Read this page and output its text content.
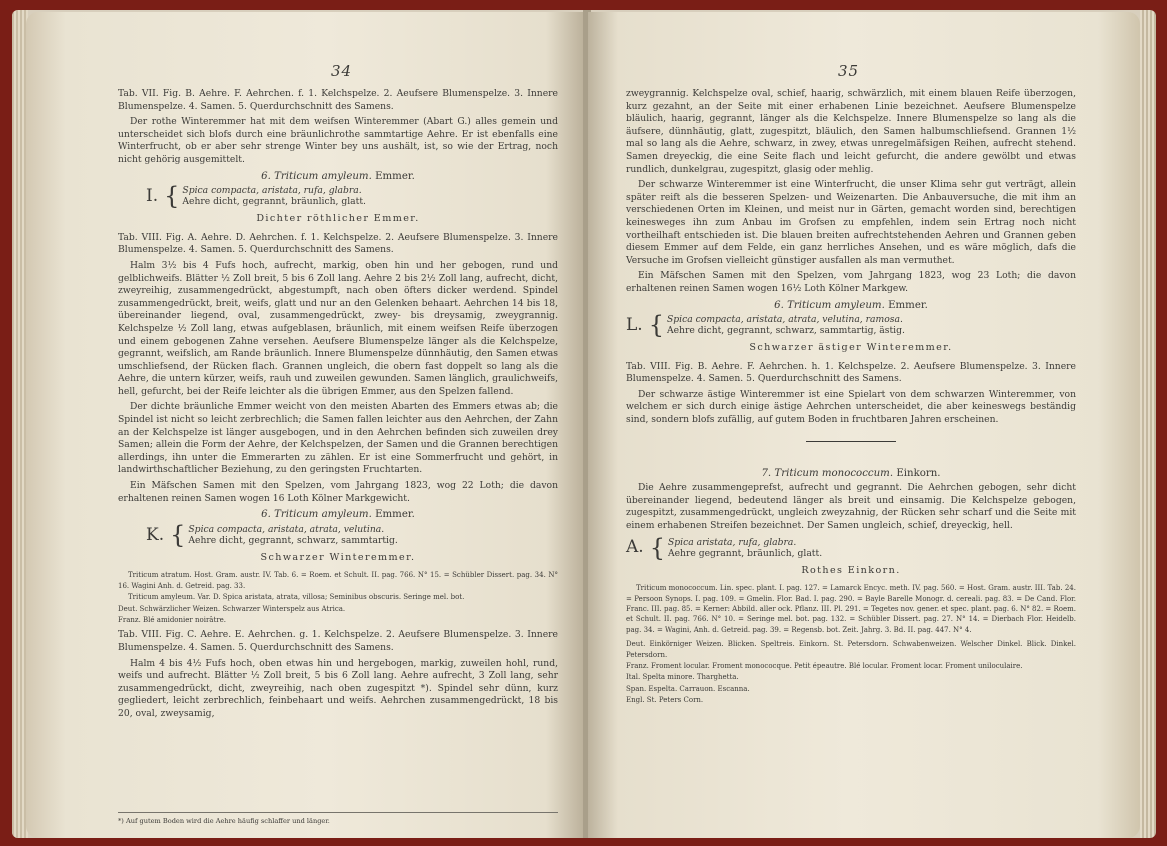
34

Tab. VII. Fig. B. Aehre. F. Aehrchen. f. 1. Kelchspelze. 2. Aeufsere Blumenspelze. 3. Innere Blumenspelze. 4. Samen. 5. Querdurchschnitt des Samens.

Der rothe Winteremmer hat mit dem weifsen Winteremmer (Abart G.) alles gemein und unterscheidet sich blofs durch eine bräunlichrothe sammtartige Aehre. Er ist ebenfalls eine Winterfrucht, ob er aber sehr strenge Winter bey uns aushält, ist, so wie der Ertrag, noch nicht gehörig ausgemittelt.

6. Triticum amyleum. Emmer.

I. { Spica compacta, aristata, rufa, glabra.
Aehre dicht, gegrannt, bräunlich, glatt.

Dichter röthlicher Emmer.

Tab. VIII. Fig. A. Aehre. D. Aehrchen. f. 1. Kelchspelze. 2. Aeufsere Blumenspelze. 3. Innere Blumenspelze. 4. Samen. 5. Querdurchschnitt des Samens.

Halm 3½ bis 4 Fufs hoch, aufrecht, markig, oben hin und her gebogen, rund und gelblichweifs. Blätter ½ Zoll breit, 5 bis 6 Zoll lang. Aehre 2 bis 2½ Zoll lang, aufrecht, dicht, zweyreihig, zusammengedrückt, abgestumpft, nach oben öfters dicker werdend. Spindel zusammengedrückt, breit, weifs, glatt und nur an den Gelenken behaart. Aehrchen 14 bis 18, übereinander liegend, oval, zusammengedrückt, zwey- bis dreysamig, zweygrannig. Kelchspelze ½ Zoll lang, etwas aufgeblasen, bräunlich, mit einem weifsen Reife überzogen und einem gebogenen Zahne versehen. Aeufsere Blumenspelze länger als die Kelchspelze, gegrannt, weifslich, am Rande bräunlich. Innere Blumenspelze dünnhäutig, den Samen etwas umschliefsend, der Rücken flach. Grannen ungleich, die obern fast doppelt so lang als die Aehre, die untern kürzer, weifs, rauh und zuweilen gewunden. Samen länglich, graulichweifs, hell, gefurcht, bei der Reife leichter als die übrigen Emmer, aus den Spelzen fallend.

Der dichte bräunliche Emmer weicht von den meisten Abarten des Emmers etwas ab; die Spindel ist nicht so leicht zerbrechlich; die Samen fallen leichter aus den Aehrchen, der Zahn an der Kelchspelze ist länger ausgebogen, und in den Aehrchen befinden sich zuweilen drey Samen; allein die Form der Aehre, der Kelchspelzen, der Samen und die Grannen berechtigen allerdings, ihn unter die Emmerarten zu zählen. Er ist eine Sommerfrucht und gehört, in landwirthschaftlicher Beziehung, zu den geringsten Fruchtarten.

Ein Mäfschen Samen mit den Spelzen, vom Jahrgang 1823, wog 22 Loth; die davon erhaltenen reinen Samen wogen 16 Loth Kölner Markgewicht.

6. Triticum amyleum. Emmer.

K. { Spica compacta, aristata, atrata, velutina.
Aehre dicht, gegrannt, schwarz, sammtartig.

Schwarzer Winteremmer.

Triticum atratum. Host. Gram. austr. IV. Tab. 6. = Roem. et Schult. II. pag. 766. N° 15. = Schübler Dissert. pag. 34. N° 16. Wagini Anh. d. Getreid. pag. 33.

Triticum amyleum. Var. D. Spica aristata, atrata, villosa; Seminibus obscuris. Seringe mel. bot.

Deut. Schwärzlicher Weizen. Schwarzer Winterspelz aus Atrica.

Franz. Blé amidonier noirâtre.

Tab. VIII. Fig. C. Aehre. E. Aehrchen. g. 1. Kelchspelze. 2. Aeufsere Blumenspelze. 3. Innere Blumenspelze. 4. Samen. 5. Querdurchschnitt des Samens.

Halm 4 bis 4½ Fufs hoch, oben etwas hin und hergebogen, markig, zuweilen hohl, rund, weifs und aufrecht. Blätter ½ Zoll breit, 5 bis 6 Zoll lang. Aehre aufrecht, 3 Zoll lang, sehr zusammengedrückt, dicht, zweyreihig, nach oben zugespitzt *). Spindel sehr dünn, kurz gegliedert, leicht zerbrechlich, feinbehaart und weifs. Aehrchen zusammengedrückt, 18 bis 20, oval, zweysamig,

*) Auf gutem Boden wird die Aehre häufig schlaffer und länger.
35

zweygrannig. Kelchspelze oval, schief, haarig, schwärzlich, mit einem blauen Reife überzogen, kurz gezahnt, an der Seite mit einer erhabenen Linie bezeichnet. Aeufsere Blumenspelze bläulich, haarig, gegrannt, länger als die Kelchspelze. Innere Blumenspelze so lang als die äufsere, dünnhäutig, glatt, zugespitzt, bläulich, den Samen halbumschliefsend. Grannen 1½ mal so lang als die Aehre, schwarz, in zwey, etwas unregelmäfsigen Reihen, aufrecht stehend. Samen dreyeckig, die eine Seite flach und leicht gefurcht, die andere gewölbt und etwas rundlich, dunkelgrau, zugespitzt, glasig oder mehlig.

Der schwarze Winteremmer ist eine Winterfrucht, die unser Klima sehr gut verträgt, allein später reift als die besseren Spelzen- und Weizenarten. Die Anbauversuche, die mit ihm an verschiedenen Orten im Kleinen, und meist nur in Gärten, gemacht worden sind, berechtigen keinesweges ihn zum Anbau im Grofsen zu empfehlen, indem sein Ertrag noch nicht vortheilhaft entschieden ist. Die blauen breiten aufrechtstehenden Aehren und Grannen geben diesem Emmer auf dem Felde, ein ganz herrliches Ansehen, und es wäre möglich, dafs die Versuche im Grofsen vielleicht günstiger ausfallen als man vermuthet.

Ein Mäfschen Samen mit den Spelzen, vom Jahrgang 1823, wog 23 Loth; die davon erhaltenen reinen Samen wogen 16½ Loth Kölner Markgew.

6. Triticum amyleum. Emmer.

L. { Spica compacta, aristata, atrata, velutina, ramosa.
Aehre dicht, gegrannt, schwarz, sammtartig, ästig.

Schwarzer ästiger Winteremmer.

Tab. VIII. Fig. B. Aehre. F. Aehrchen. h. 1. Kelchspelze. 2. Aeufsere Blumenspelze. 3. Innere Blumenspelze. 4. Samen. 5. Querdurchschnitt des Samens.

Der schwarze ästige Winteremmer ist eine Spielart von dem schwarzen Winteremmer, von welchem er sich durch einige ästige Aehrchen unterscheidet, die aber keineswegs beständig sind, sondern blofs zufällig, auf gutem Boden in fruchtbaren Jahren erscheinen.

7. Triticum monococcum. Einkorn.

Die Aehre zusammengeprefst, aufrecht und gegrannt. Die Aehrchen gebogen, sehr dicht übereinander liegend, bedeutend länger als breit und einsamig. Die Kelchspelze gebogen, zugespitzt, zusammengedrückt, ungleich zweyzahnig, der Rücken sehr scharf und die Seite mit einem erhabenen Streifen bezeichnet. Der Samen ungleich, schief, dreyeckig, hell.

A. { Spica aristata, rufa, glabra.
Aehre gegrannt, bräunlich, glatt.

Rothes Einkorn.

Triticum monococcum. Lin. spec. plant. I. pag. 127. = Lamarck Encyc. meth. IV. pag. 560. = Host. Gram. austr. III. Tab. 24. = Persoon Synops. I. pag. 109. = Gmelin. Flor. Bad. I. pag. 290. = Bayle Barelle Monogr. d. cereali. pag. 83. = De Cand. Flor. Franc. III. pag. 85. = Kerner: Abbild. aller ock. Pflanz. III. Pl. 291. = Tegetes nov. gener. et spec. plant. pag. 6. N° 82. = Roem. et Schult. II. pag. 766. N° 10. = Seringe mel. bot. pag. 132. = Schübler Dissert. pag. 27. N° 14. = Dierbach Flor. Heidelb. pag. 34. = Wagini, Anh. d. Getreid. pag. 39. = Regensb. bot. Zeit. Jahrg. 3. Bd. II. pag. 447. N° 4.

Deut. Einkörniger Weizen. Blicken. Speltreis. Einkorn. St. Petersdorn. Schwabenweizen. Welscher Dinkel. Blick. Dinkel. Petersdorn.

Franz. Froment locular. Froment monococque. Petit épeautre. Blé locular. Froment locar. Froment uniloculaire.

Ital. Spelta minore. Tharghetta.

Span. Espelta. Carrauon. Escanna.

Engl. St. Peters Corn.
